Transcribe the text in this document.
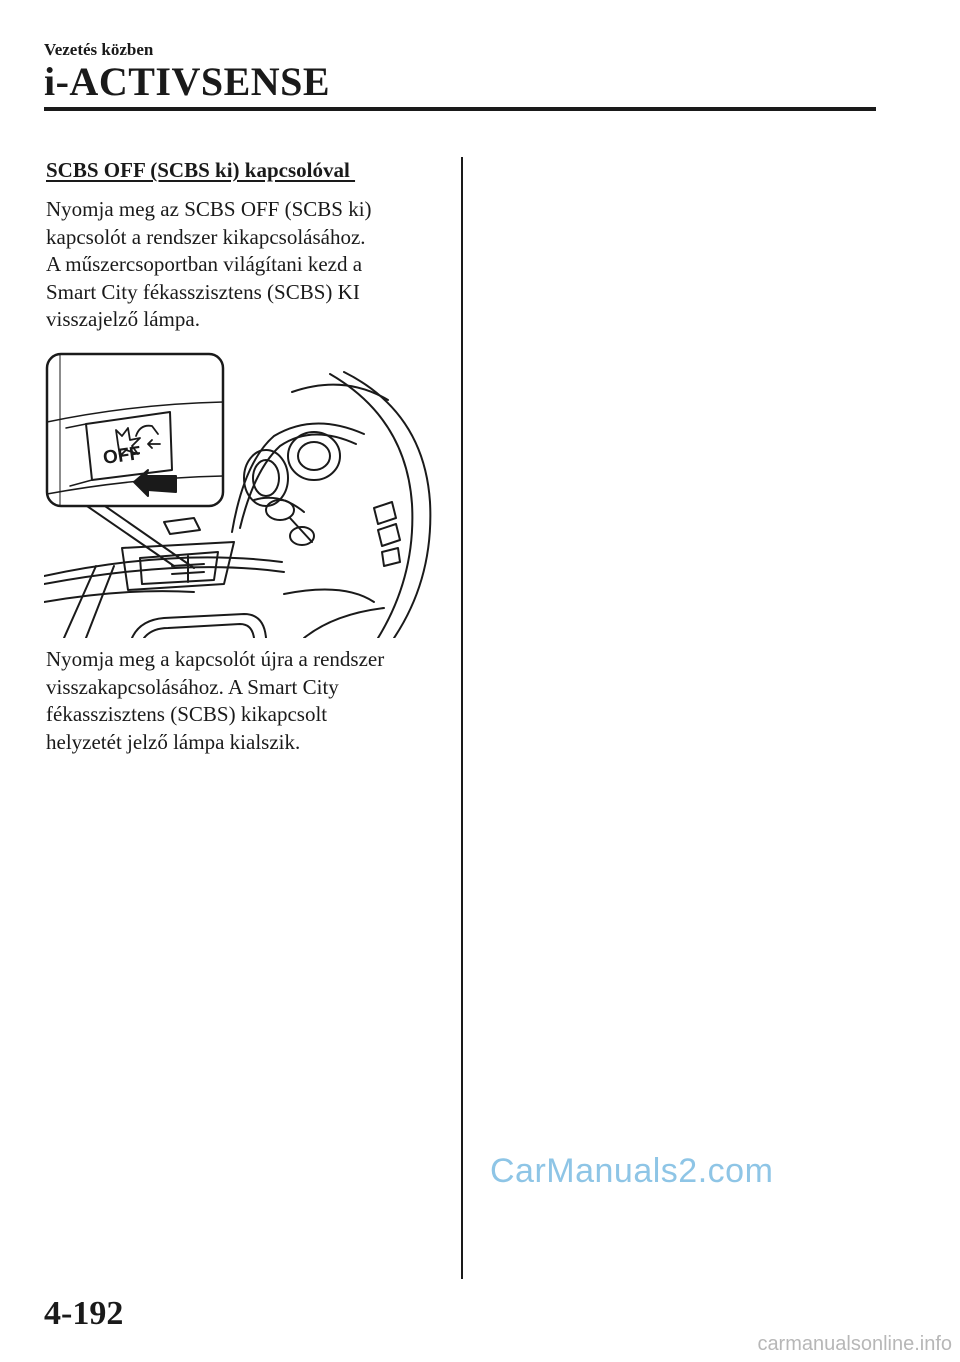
Vezetés közben
i-ACTIVSENSE
SCBS OFF (SCBS ki) kapcsolóval

Nyomja meg az SCBS OFF (SCBS ki)
kapcsolót a rendszer kikapcsolásához.
A műszercsoportban világítani kezd a
Smart City fékasszisztens (SCBS) KI
visszajelző lámpa.

OFF

Nyomja meg a kapcsolót újra a rendszer
visszakapcsolásához. A Smart City
fékasszisztens (SCBS) kikapcsolt
helyzetét jelző lámpa kialszik.

4-192
CarManuals2.com
carmanualsonline.info
